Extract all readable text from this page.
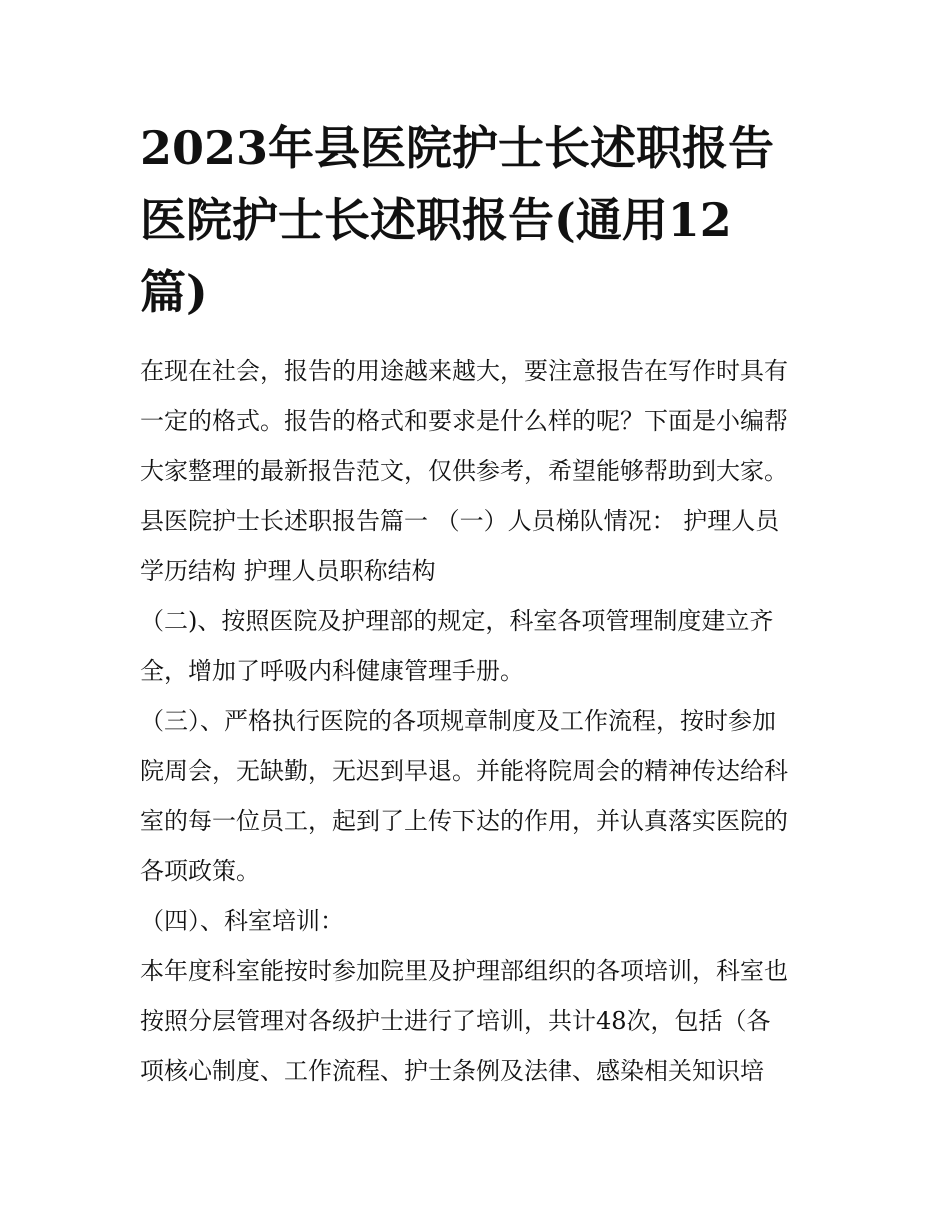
2023年县医院护士长述职报告
医院护士长述职报告(通用12
篇)

在现在社会，报告的用途越来越大，要注意报告在写作时具有
一定的格式。报告的格式和要求是什么样的呢？下面是小编帮
大家整理的最新报告范文，仅供参考，希望能够帮助到大家。

县医院护士长述职报告篇一 （一）人员梯队情况： 护理人员
学历结构 护理人员职称结构

（二)、按照医院及护理部的规定，科室各项管理制度建立齐
全，增加了呼吸内科健康管理手册。

（三）、严格执行医院的各项规章制度及工作流程，按时参加
院周会，无缺勤，无迟到早退。并能将院周会的精神传达给科
室的每一位员工，起到了上传下达的作用，并认真落实医院的
各项政策。

（四）、科室培训：

本年度科室能按时参加院里及护理部组织的各项培训，科室也
按照分层管理对各级护士进行了培训，共计48次，包括（各
项核心制度、工作流程、护士条例及法律、感染相关知识培
